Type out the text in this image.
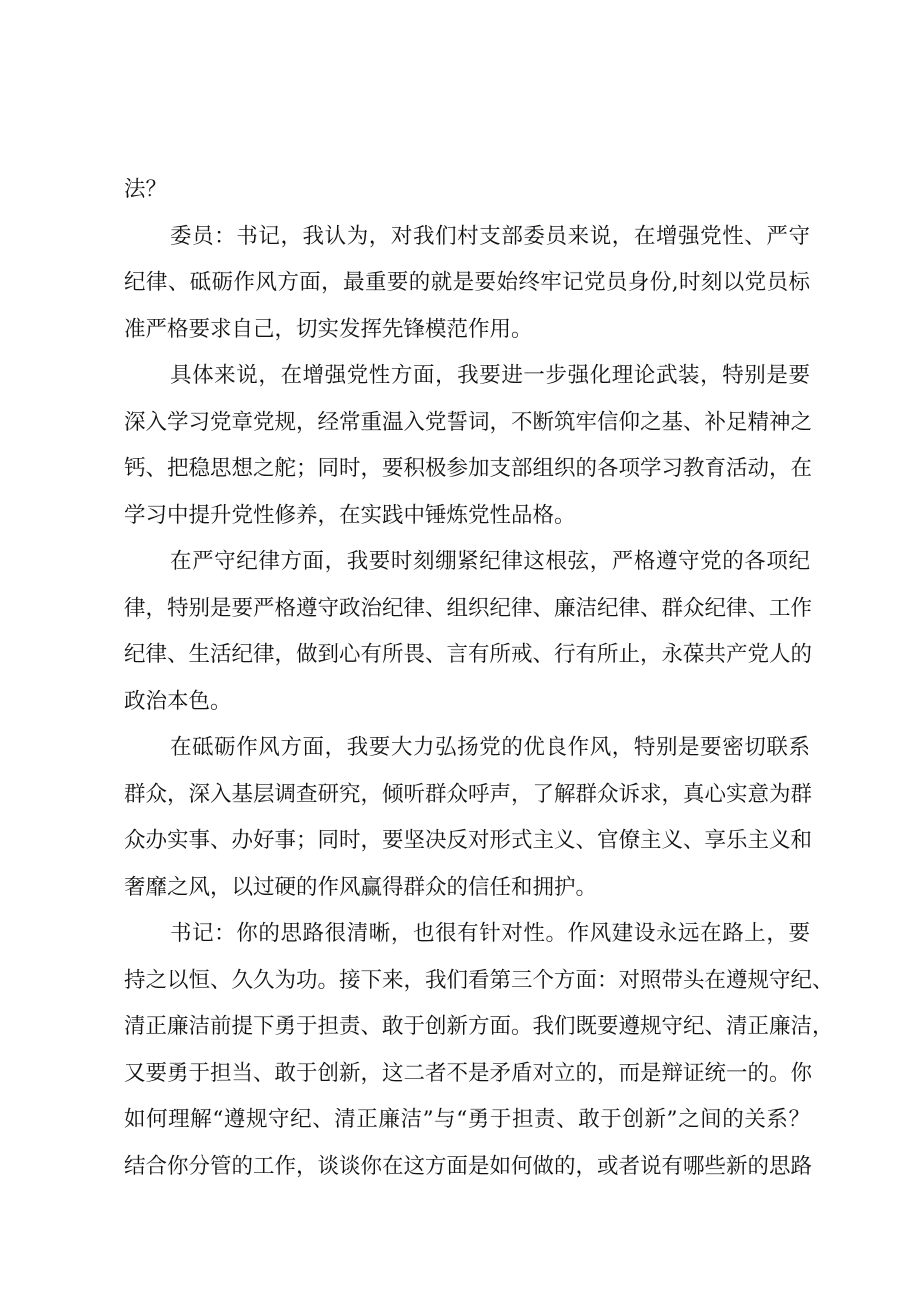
法？
委员：书记，我认为，对我们村支部委员来说，在增强党性、严守
纪律、砥砺作风方面，最重要的就是要始终牢记党员身份,时刻以党员标
准严格要求自己，切实发挥先锋模范作用。
具体来说，在增强党性方面，我要进一步强化理论武装，特别是要
深入学习党章党规，经常重温入党誓词，不断筑牢信仰之基、补足精神之
钙、把稳思想之舵；同时，要积极参加支部组织的各项学习教育活动，在
学习中提升党性修养，在实践中锤炼党性品格。
在严守纪律方面，我要时刻绷紧纪律这根弦，严格遵守党的各项纪
律，特别是要严格遵守政治纪律、组织纪律、廉洁纪律、群众纪律、工作
纪律、生活纪律，做到心有所畏、言有所戒、行有所止，永葆共产党人的
政治本色。
在砥砺作风方面，我要大力弘扬党的优良作风，特别是要密切联系
群众，深入基层调查研究，倾听群众呼声，了解群众诉求，真心实意为群
众办实事、办好事；同时，要坚决反对形式主义、官僚主义、享乐主义和
奢靡之风，以过硬的作风赢得群众的信任和拥护。
书记：你的思路很清晰，也很有针对性。作风建设永远在路上，要
持之以恒、久久为功。接下来，我们看第三个方面：对照带头在遵规守纪、
清正廉洁前提下勇于担责、敢于创新方面。我们既要遵规守纪、清正廉洁，
又要勇于担当、敢于创新，这二者不是矛盾对立的，而是辩证统一的。你
如何理解“遵规守纪、清正廉洁”与“勇于担责、敢于创新”之间的关系？
结合你分管的工作，谈谈你在这方面是如何做的，或者说有哪些新的思路
